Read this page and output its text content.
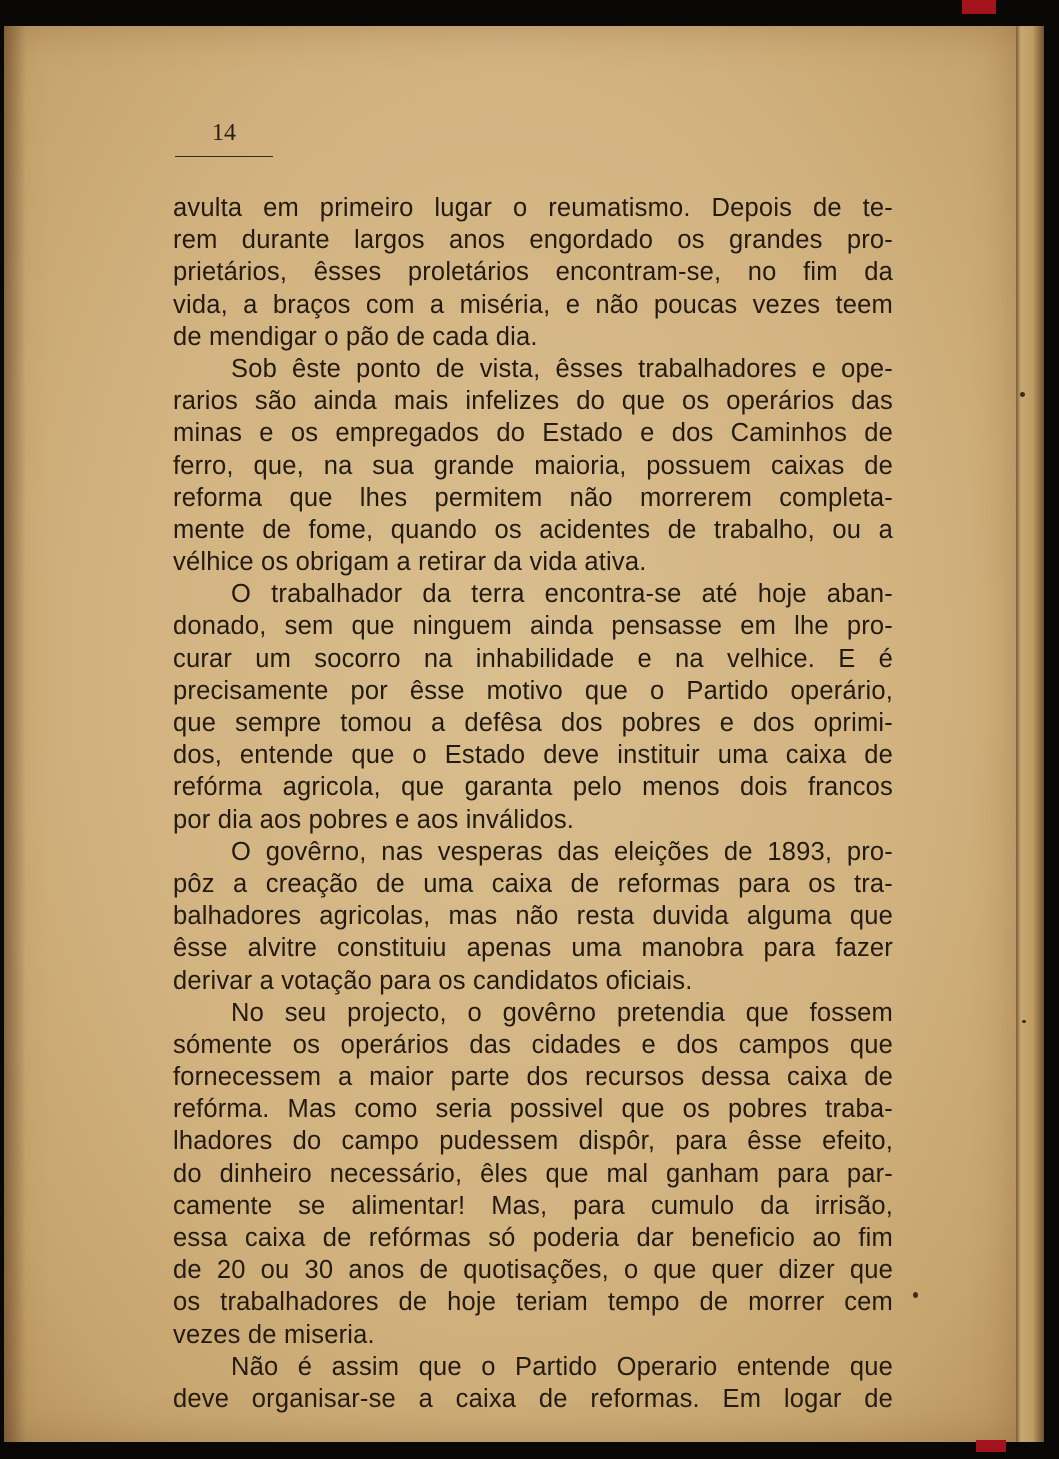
14
avulta em primeiro lugar o reumatismo. Depois de te-
rem durante largos anos engordado os grandes pro-
prietários, êsses proletários encontram-se, no fim da
vida, a braços com a miséria, e não poucas vezes teem
de mendigar o pão de cada dia.
Sob êste ponto de vista, êsses trabalhadores e ope-
rarios são ainda mais infelizes do que os operários das
minas e os empregados do Estado e dos Caminhos de
ferro, que, na sua grande maioria, possuem caixas de
reforma que lhes permitem não morrerem completa-
mente de fome, quando os acidentes de trabalho, ou a
vélhice os obrigam a retirar da vida ativa.
O trabalhador da terra encontra-se até hoje aban-
donado, sem que ninguem ainda pensasse em lhe pro-
curar um socorro na inhabilidade e na velhice. E é
precisamente por êsse motivo que o Partido operário,
que sempre tomou a defêsa dos pobres e dos oprimi-
dos, entende que o Estado deve instituir uma caixa de
refórma agricola, que garanta pelo menos dois francos
por dia aos pobres e aos inválidos.
O govêrno, nas vesperas das eleições de 1893, pro-
pôz a creação de uma caixa de reformas para os tra-
balhadores agricolas, mas não resta duvida alguma que
êsse alvitre constituiu apenas uma manobra para fazer
derivar a votação para os candidatos oficiais.
No seu projecto, o govêrno pretendia que fossem
sómente os operários das cidades e dos campos que
fornecessem a maior parte dos recursos dessa caixa de
refórma. Mas como seria possivel que os pobres traba-
lhadores do campo pudessem dispôr, para êsse efeito,
do dinheiro necessário, êles que mal ganham para par-
camente se alimentar! Mas, para cumulo da irrisão,
essa caixa de refórmas só poderia dar beneficio ao fim
de 20 ou 30 anos de quotisações, o que quer dizer que
os trabalhadores de hoje teriam tempo de morrer cem
vezes de miseria.
Não é assim que o Partido Operario entende que
deve organisar-se a caixa de reformas. Em logar de
